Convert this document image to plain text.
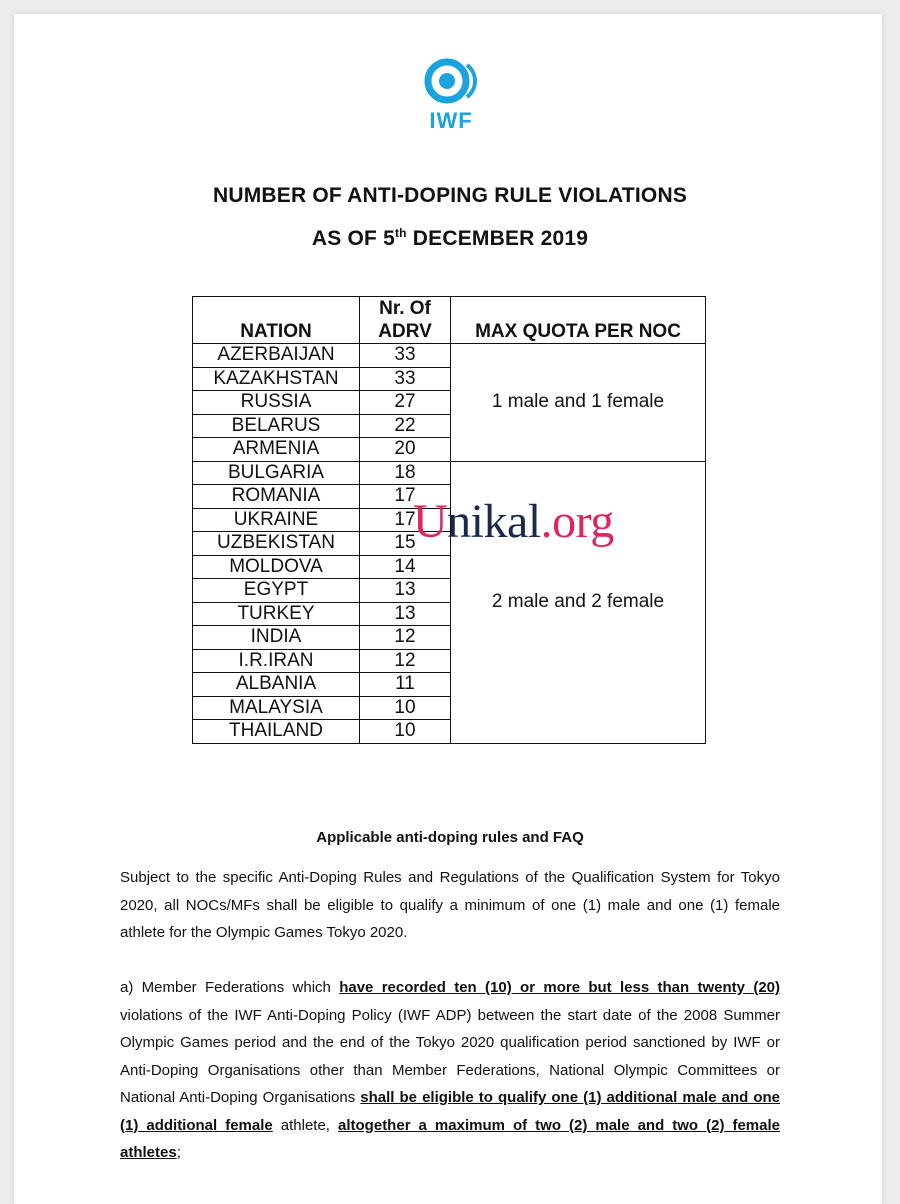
IWF
NUMBER OF ANTI-DOPING RULE VIOLATIONS
AS OF 5th DECEMBER 2019
NATION	Nr. Of ADRV	MAX QUOTA PER NOC
AZERBAIJAN	33	1 male and 1 female
KAZAKHSTAN	33	
RUSSIA	27	
BELARUS	22	
ARMENIA	20	
BULGARIA	18	2 male and 2 female
ROMANIA	17	
UKRAINE	17	
UZBEKISTAN	15	
MOLDOVA	14	
EGYPT	13	
TURKEY	13	
INDIA	12	
I.R.IRAN	12	
ALBANIA	11	
MALAYSIA	10	
THAILAND	10	
Unikal.org
Applicable anti-doping rules and FAQ
Subject to the specific Anti-Doping Rules and Regulations of the Qualification System for Tokyo 2020, all NOCs/MFs shall be eligible to qualify a minimum of one (1) male and one (1) female athlete for the Olympic Games Tokyo 2020.
a) Member Federations which have recorded ten (10) or more but less than twenty (20) violations of the IWF Anti-Doping Policy (IWF ADP) between the start date of the 2008 Summer Olympic Games period and the end of the Tokyo 2020 qualification period sanctioned by IWF or Anti-Doping Organisations other than Member Federations, National Olympic Committees or National Anti-Doping Organisations shall be eligible to qualify one (1) additional male and one (1) additional female athlete, altogether a maximum of two (2) male and two (2) female athletes;
